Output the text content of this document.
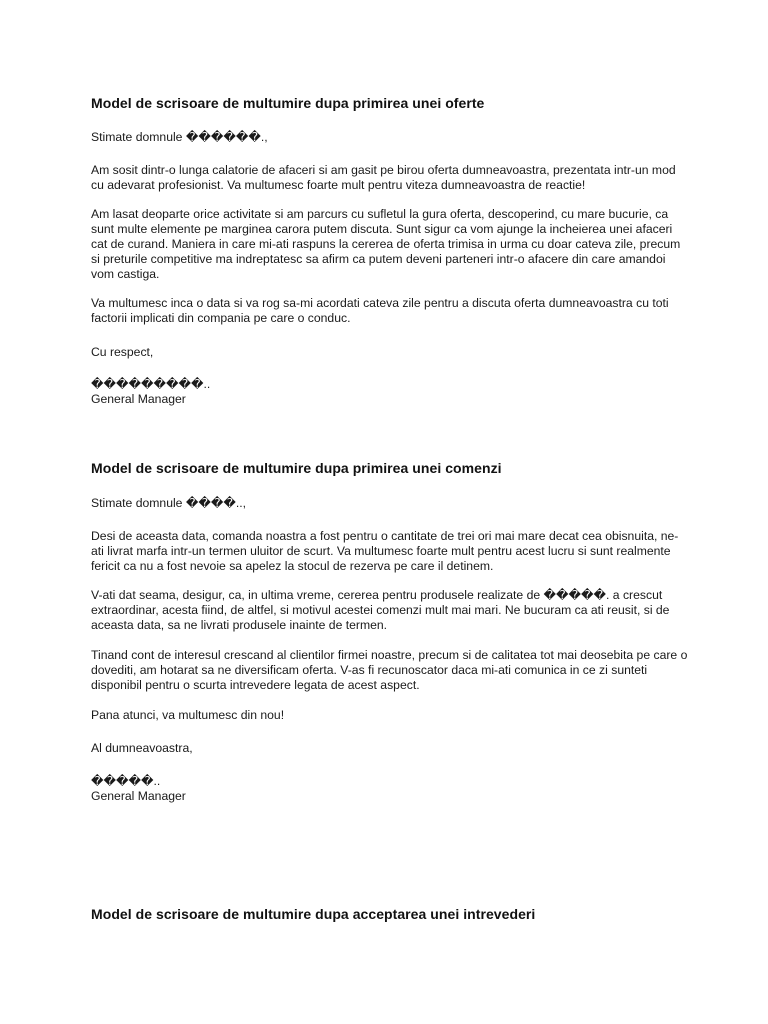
Model de scrisoare de multumire dupa primirea unei oferte

Stimate domnule ������.,

Am sosit dintr-o lunga calatorie de afaceri si am gasit pe birou oferta dumneavoastra, prezentata intr-un mod cu adevarat profesionist. Va multumesc foarte mult pentru viteza dumneavoastra de reactie!

Am lasat deoparte orice activitate si am parcurs cu sufletul la gura oferta, descoperind, cu mare bucurie, ca sunt multe elemente pe marginea carora putem discuta. Sunt sigur ca vom ajunge la incheierea unei afaceri cat de curand. Maniera in care mi-ati raspuns la cererea de oferta trimisa in urma cu doar cateva zile, precum si preturile competitive ma indreptatesc sa afirm ca putem deveni parteneri intr-o afacere din care amandoi vom castiga.

Va multumesc inca o data si va rog sa-mi acordati cateva zile pentru a discuta oferta dumneavoastra cu toti factorii implicati din compania pe care o conduc.

Cu respect,

���������..
General Manager

Model de scrisoare de multumire dupa primirea unei comenzi

Stimate domnule ����..,

Desi de aceasta data, comanda noastra a fost pentru o cantitate de trei ori mai mare decat cea obisnuita, ne-ati livrat marfa intr-un termen uluitor de scurt. Va multumesc foarte mult pentru acest lucru si sunt realmente fericit ca nu a fost nevoie sa apelez la stocul de rezerva pe care il detinem.

V-ati dat seama, desigur, ca, in ultima vreme, cererea pentru produsele realizate de �����. a crescut extraordinar, acesta fiind, de altfel, si motivul acestei comenzi mult mai mari. Ne bucuram ca ati reusit, si de aceasta data, sa ne livrati produsele inainte de termen.

Tinand cont de interesul crescand al clientilor firmei noastre, precum si de calitatea tot mai deosebita pe care o dovediti, am hotarat sa ne diversificam oferta. V-as fi recunoscator daca mi-ati comunica in ce zi sunteti disponibil pentru o scurta intrevedere legata de acest aspect.

Pana atunci, va multumesc din nou!

Al dumneavoastra,

�����..
General Manager

Model de scrisoare de multumire dupa acceptarea unei intrevederi
